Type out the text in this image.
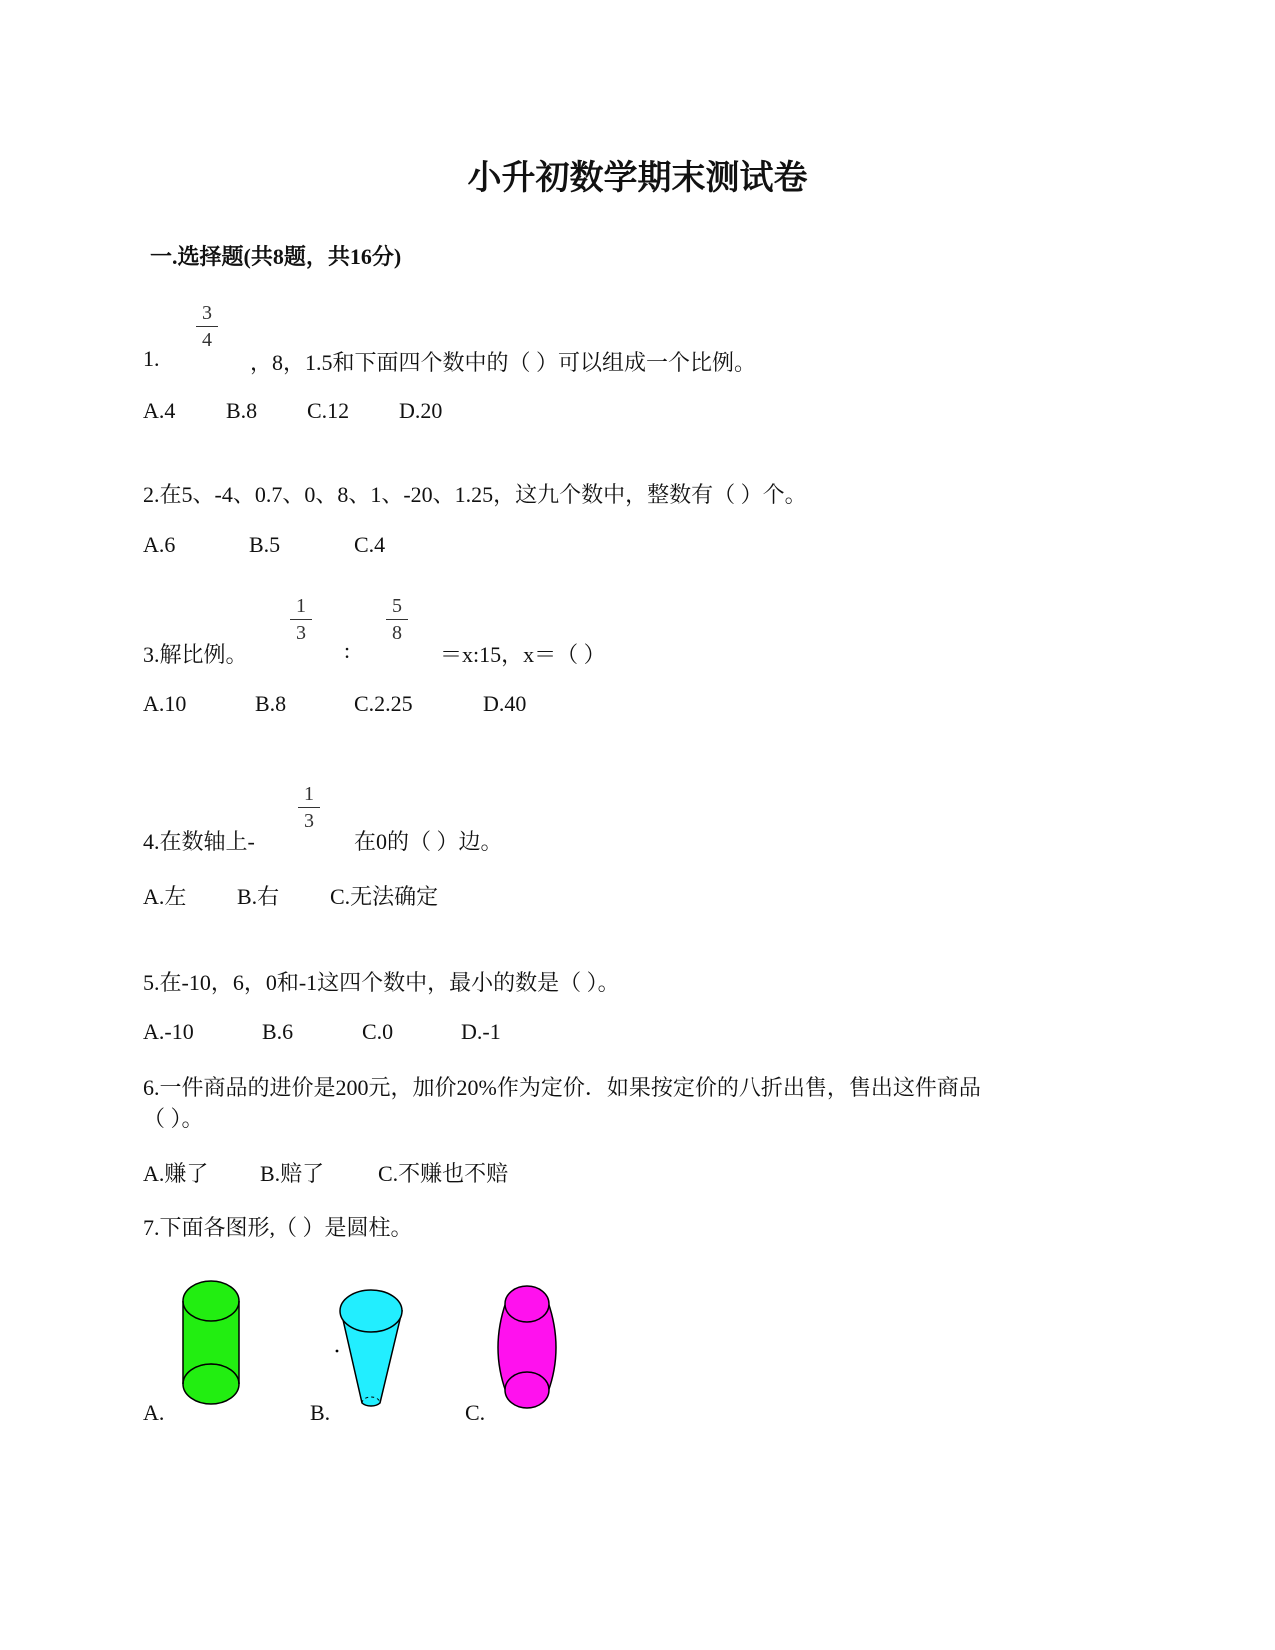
小升初数学期末测试卷
一.选择题(共8题，共16分)
3
4
1.	，8，1.5和下面四个数中的（ ）可以组成一个比例。
A.4 B.8 C.12 D.20
2.在5、-4、0.7、0、8、1、-20、1.25，这九个数中，整数有（ ）个。
A.6	B.5	C.4
3.解比例。
1
3
:
5
8
＝x:15，x＝（ ）
A.10	B.8	C.2.25	D.40
4.在数轴上-
1
3
在0的（ ）边。
A.左 B.右 C.无法确定
5.在-10，6，0和-1这四个数中，最小的数是（ ）。
A.-10	B.6	C.0	D.-1
6.一件商品的进价是200元，加价20%作为定价．如果按定价的八折出售，售出这件商品
（ ）。
A.赚了 B.赔了 C.不赚也不赔
7.下面各图形,（ ）是圆柱。
A.	B.	C.
